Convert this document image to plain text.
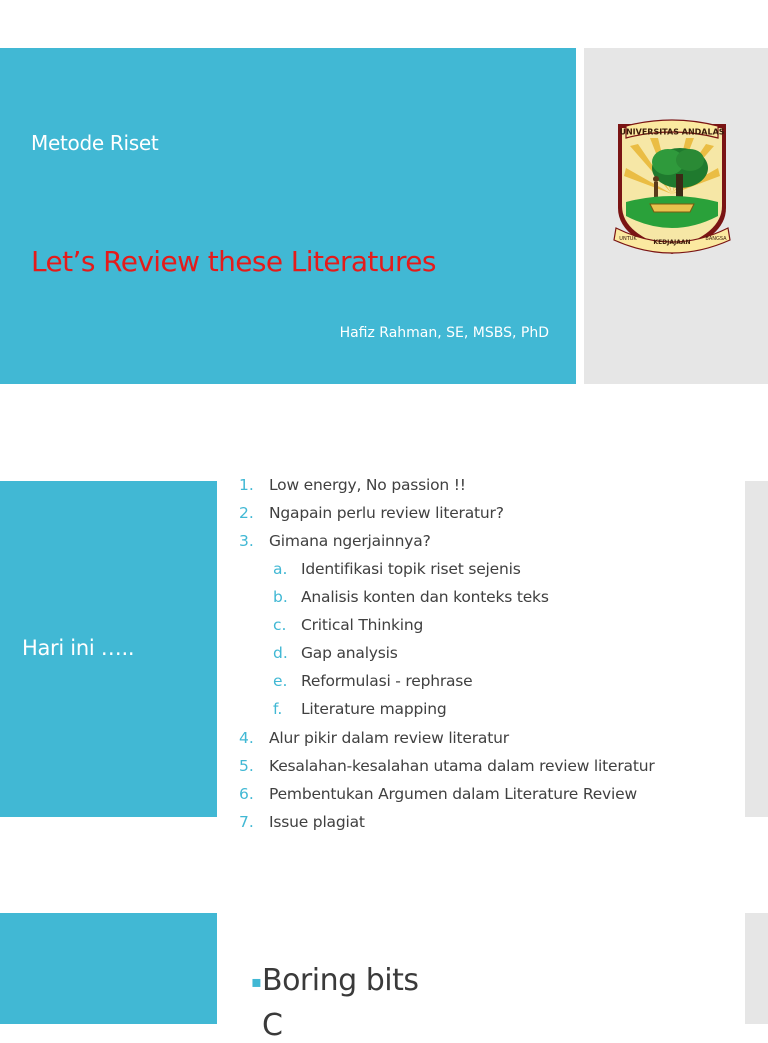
Metode Riset
Let’s Review these Literatures
Hafiz Rahman, SE, MSBS, PhD
UNIVERSITAS ANDALAS
KEDJAJAAN
UNTUK	BANGSA
Hari ini …..
1. Low energy, No passion !!
2. Ngapain perlu review literatur?
3. Gimana ngerjainnya?
a. Identifikasi topik riset sejenis
b. Analisis konten dan konteks teks
c. Critical Thinking
d. Gap analysis
e. Reformulasi - rephrase
f. Literature mapping
4. Alur pikir dalam review literatur
5. Kesalahan-kesalahan utama dalam review literatur
6. Pembentukan Argumen dalam Literature Review
7. Issue plagiat
▪ Boring bits
C
